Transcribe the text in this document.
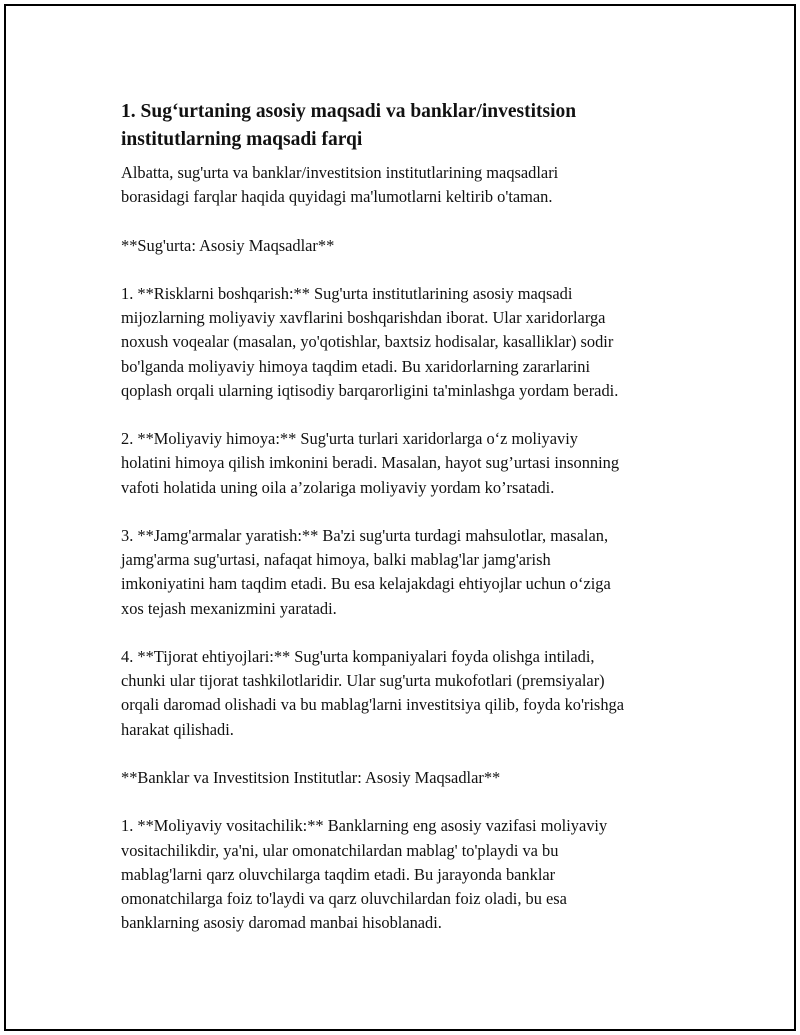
1. Sug‘urtaning asosiy maqsadi va banklar/investitsion
institutlarning maqsadi farqi

Albatta, sug'urta va banklar/investitsion institutlarining maqsadlari
borasidagi farqlar haqida quyidagi ma'lumotlarni keltirib o'taman.

**Sug'urta: Asosiy Maqsadlar**

1. **Risklarni boshqarish:** Sug'urta institutlarining asosiy maqsadi
mijozlarning moliyaviy xavflarini boshqarishdan iborat. Ular xaridorlarga
noxush voqealar (masalan, yo'qotishlar, baxtsiz hodisalar, kasalliklar) sodir
bo'lganda moliyaviy himoya taqdim etadi. Bu xaridorlarning zararlarini
qoplash orqali ularning iqtisodiy barqarorligini ta'minlashga yordam beradi.

2. **Moliyaviy himoya:** Sug'urta turlari xaridorlarga o‘z moliyaviy
holatini himoya qilish imkonini beradi. Masalan, hayot sug’urtasi insonning
vafoti holatida uning oila a’zolariga moliyaviy yordam ko’rsatadi.

3. **Jamg'armalar yaratish:** Ba'zi sug'urta turdagi mahsulotlar, masalan,
jamg'arma sug'urtasi, nafaqat himoya, balki mablag'lar jamg'arish
imkoniyatini ham taqdim etadi. Bu esa kelajakdagi ehtiyojlar uchun o‘ziga
xos tejash mexanizmini yaratadi.

4. **Tijorat ehtiyojlari:** Sug'urta kompaniyalari foyda olishga intiladi,
chunki ular tijorat tashkilotlaridir. Ular sug'urta mukofotlari (premsiyalar)
orqali daromad olishadi va bu mablag'larni investitsiya qilib, foyda ko'rishga
harakat qilishadi.

**Banklar va Investitsion Institutlar: Asosiy Maqsadlar**

1. **Moliyaviy vositachilik:** Banklarning eng asosiy vazifasi moliyaviy
vositachilikdir, ya'ni, ular omonatchilardan mablag' to'playdi va bu
mablag'larni qarz oluvchilarga taqdim etadi. Bu jarayonda banklar
omonatchilarga foiz to'laydi va qarz oluvchilardan foiz oladi, bu esa
banklarning asosiy daromad manbai hisoblanadi.
